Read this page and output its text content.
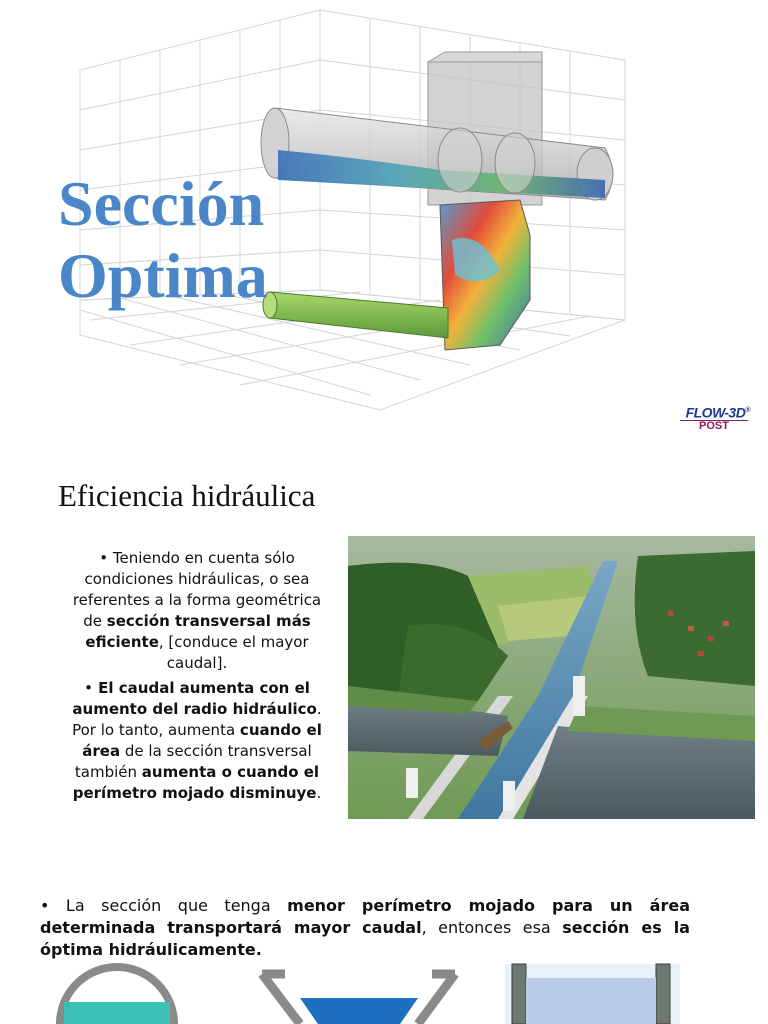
Sección
Optima
FLOW-3D®
POST
Eficiencia hidráulica

• Teniendo en cuenta sólo condiciones hidráulicas, o sea referentes a la forma geométrica de sección transversal más eficiente, [conduce el mayor caudal].

• El caudal aumenta con el aumento del radio hidráulico. Por lo tanto, aumenta cuando el área de la sección transversal también aumenta o cuando el perímetro mojado disminuye.

• La sección que tenga menor perímetro mojado para un área determinada transportará mayor caudal, entonces esa sección es la óptima hidráulicamente.
